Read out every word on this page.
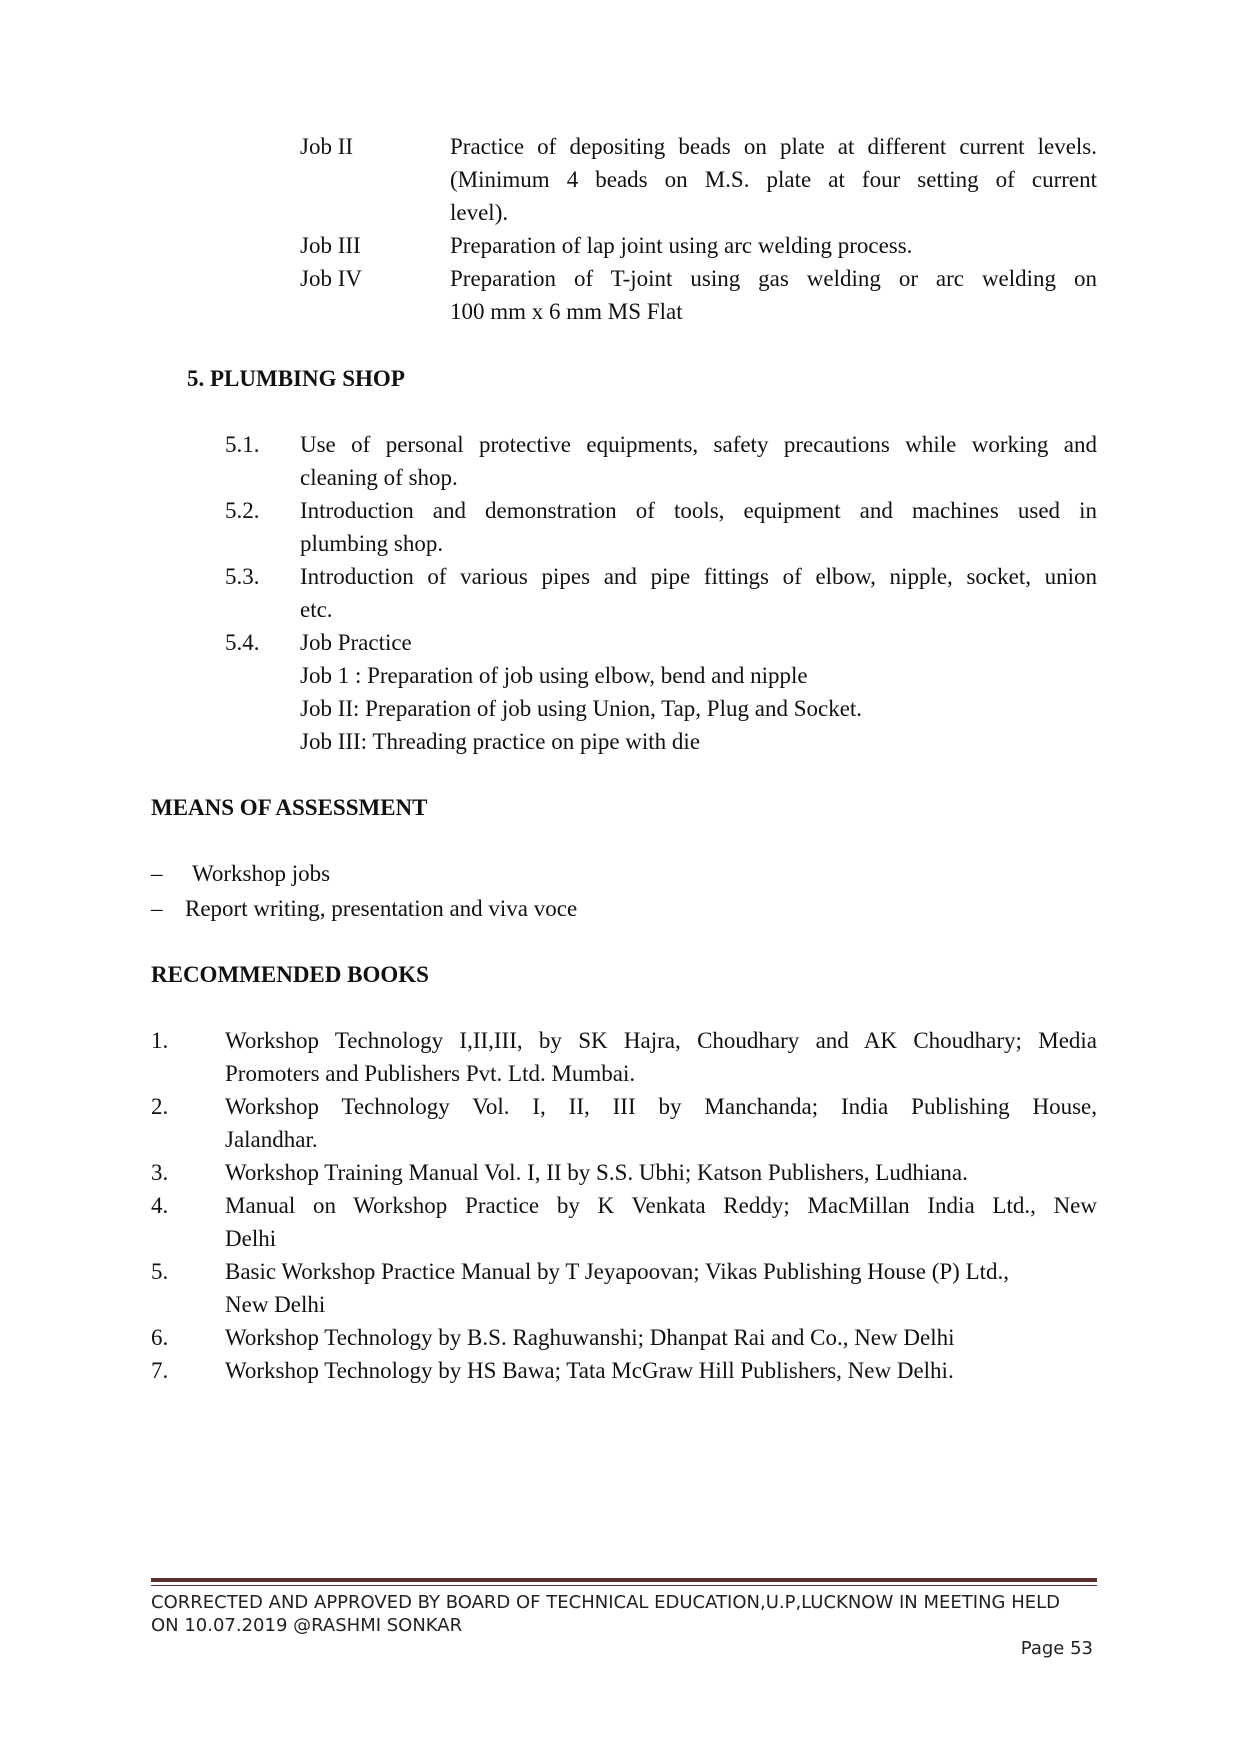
Job II	Practice of depositing beads on plate at different current levels.
(Minimum 4 beads on M.S. plate at four setting of current
level).
Job III	Preparation of lap joint using arc welding process.
Job IV	Preparation of T-joint using gas welding or arc welding on
100 mm x 6 mm MS Flat
5. PLUMBING SHOP
5.1. Use of personal protective equipments, safety precautions while working and
cleaning of shop.
5.2. Introduction and demonstration of tools, equipment and machines used in
plumbing shop.
5.3. Introduction of various pipes and pipe fittings of elbow, nipple, socket, union
etc.
5.4. Job Practice
Job 1 : Preparation of job using elbow, bend and nipple
Job II: Preparation of job using Union, Tap, Plug and Socket.
Job III: Threading practice on pipe with die
MEANS OF ASSESSMENT
– Workshop jobs
– Report writing, presentation and viva voce
RECOMMENDED BOOKS
1. Workshop Technology I,II,III, by SK Hajra, Choudhary and AK Choudhary; Media
Promoters and Publishers Pvt. Ltd. Mumbai.
2. Workshop Technology Vol. I, II, III by Manchanda; India Publishing House,
Jalandhar.
3. Workshop Training Manual Vol. I, II by S.S. Ubhi; Katson Publishers, Ludhiana.
4. Manual on Workshop Practice by K Venkata Reddy; MacMillan India Ltd., New
Delhi
5. Basic Workshop Practice Manual by T Jeyapoovan; Vikas Publishing House (P) Ltd.,
New Delhi
6. Workshop Technology by B.S. Raghuwanshi; Dhanpat Rai and Co., New Delhi
7. Workshop Technology by HS Bawa; Tata McGraw Hill Publishers, New Delhi.
CORRECTED AND APPROVED BY BOARD OF TECHNICAL EDUCATION,U.P,LUCKNOW IN MEETING HELD
ON 10.07.2019 @RASHMI SONKAR
Page 53
